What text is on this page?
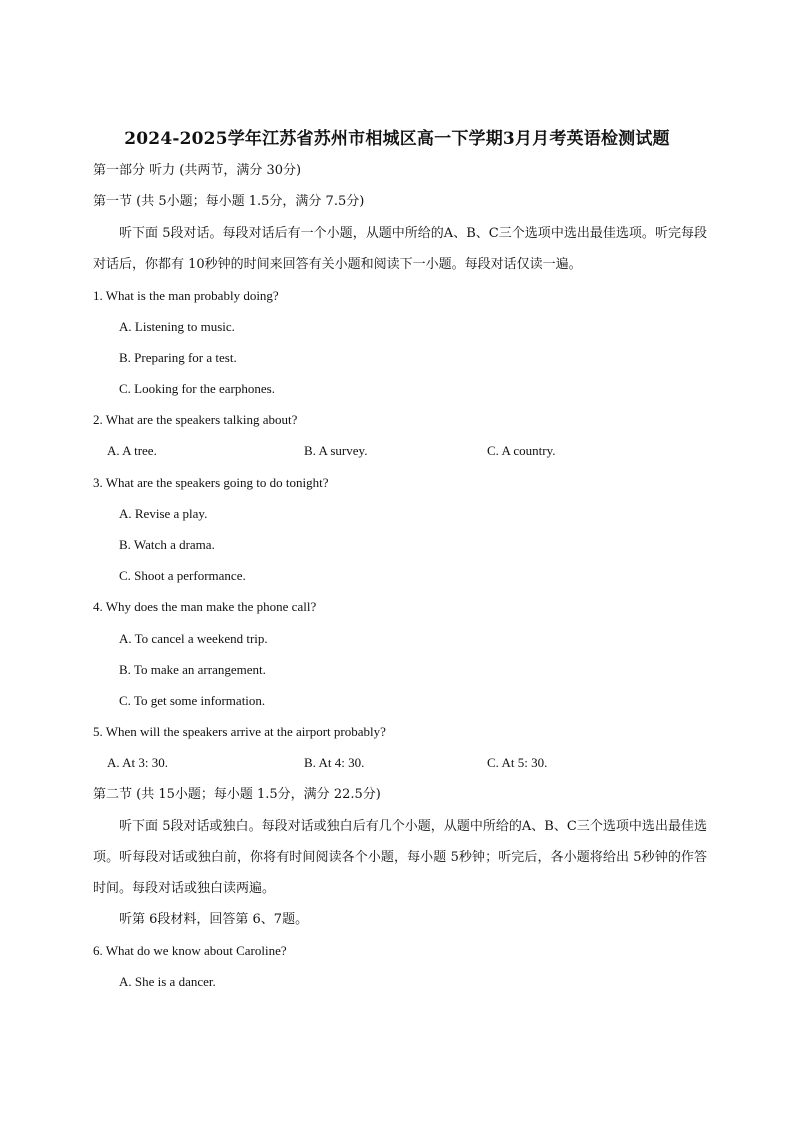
2024-2025学年江苏省苏州市相城区高一下学期3月月考英语检测试题
第一部分 听力 (共两节，满分 30分)
第一节 (共 5小题；每小题 1.5分，满分 7.5分)
听下面 5段对话。每段对话后有一个小题，从题中所给的A、B、C三个选项中选出最佳选项。听完每段对话后，你都有 10秒钟的时间来回答有关小题和阅读下一小题。每段对话仅读一遍。
1. What is the man probably doing?
A. Listening to music.
B. Preparing for a test.
C. Looking for the earphones.
2. What are the speakers talking about?
A. A tree.	B. A survey.	C. A country.
3. What are the speakers going to do tonight?
A. Revise a play.
B. Watch a drama.
C. Shoot a performance.
4. Why does the man make the phone call?
A. To cancel a weekend trip.
B. To make an arrangement.
C. To get some information.
5. When will the speakers arrive at the airport probably?
A. At 3: 30.	B. At 4: 30.	C. At 5: 30.
第二节 (共 15小题；每小题 1.5分，满分 22.5分)
听下面 5段对话或独白。每段对话或独白后有几个小题，从题中所给的A、B、C三个选项中选出最佳选项。听每段对话或独白前，你将有时间阅读各个小题，每小题 5秒钟；听完后，各小题将给出 5秒钟的作答时间。每段对话或独白读两遍。
听第 6段材料，回答第 6、7题。
6. What do we know about Caroline?
A. She is a dancer.
